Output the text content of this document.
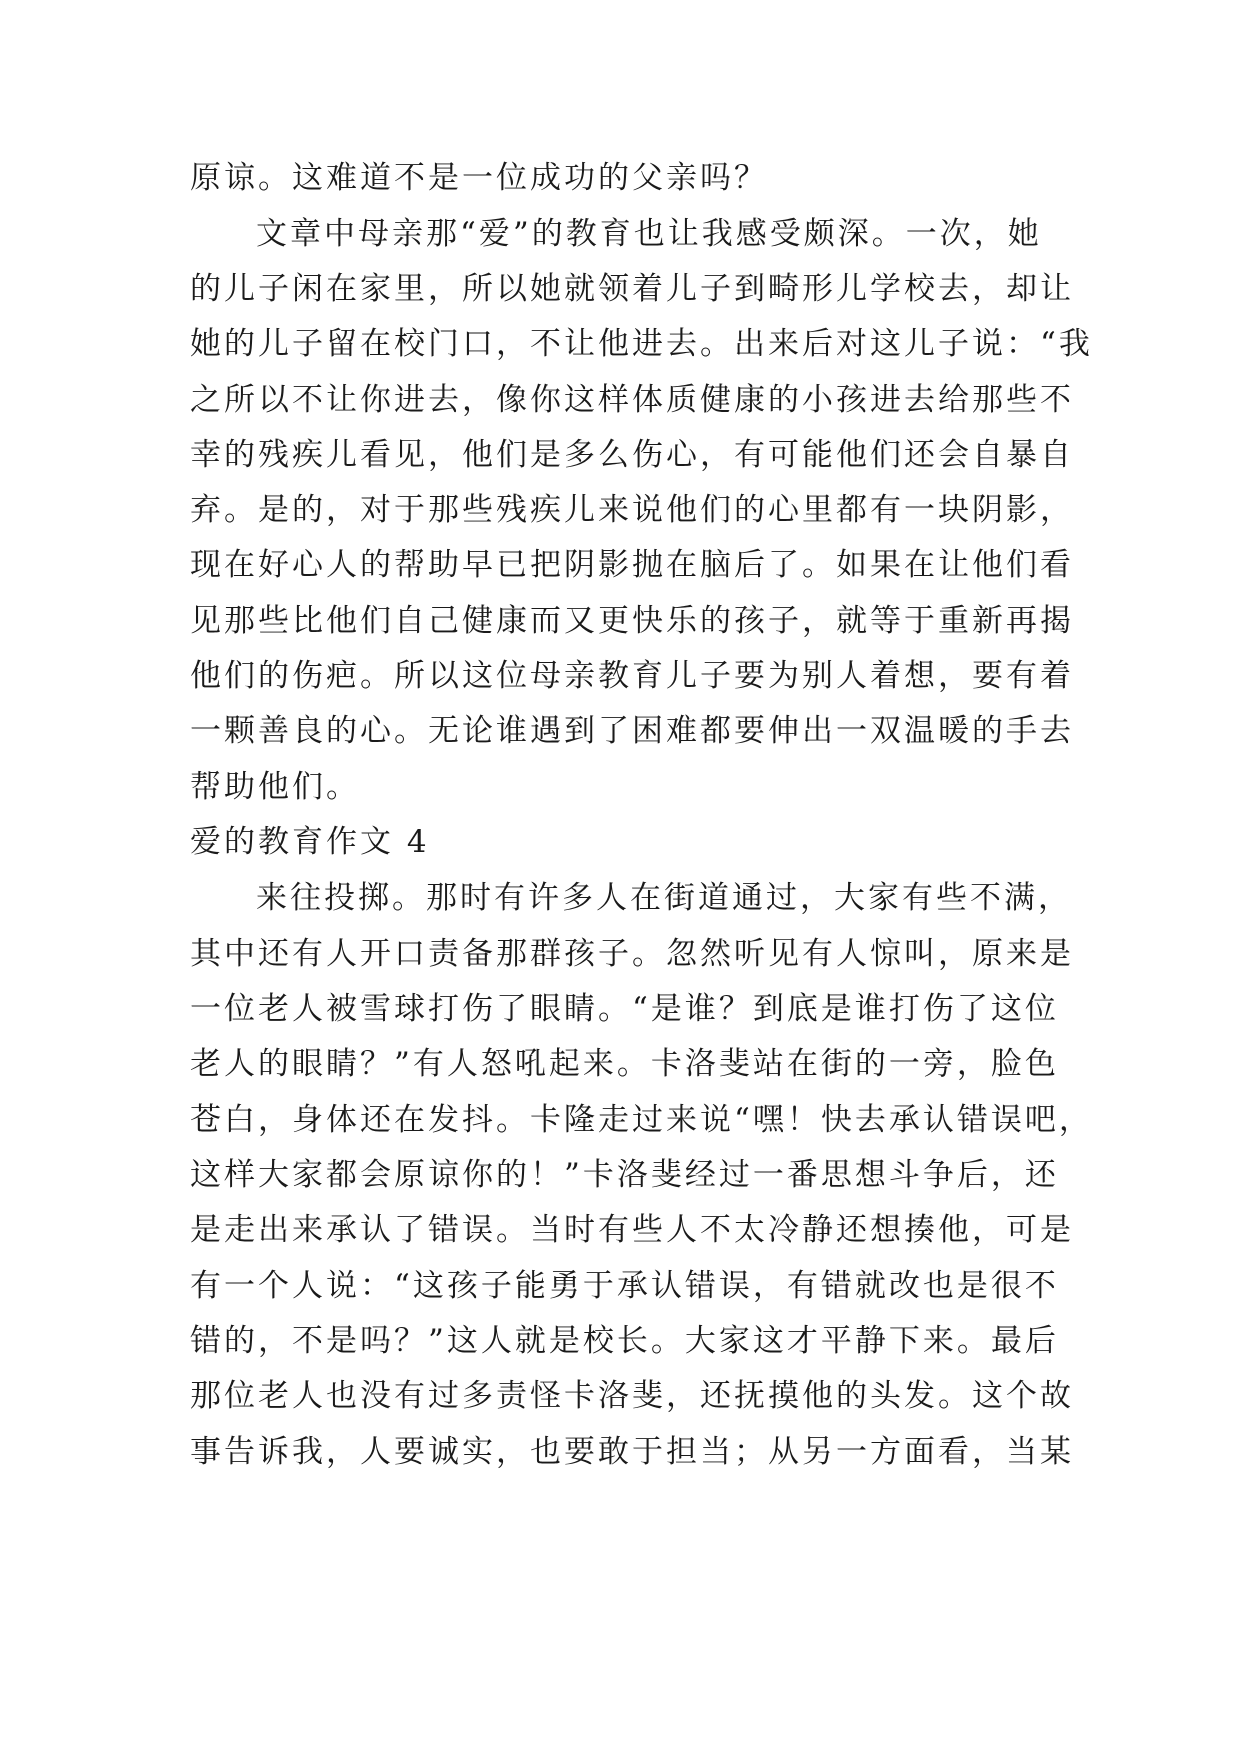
原谅。这难道不是一位成功的父亲吗？
文章中母亲那“爱”的教育也让我感受颇深。一次，她
的儿子闲在家里，所以她就领着儿子到畸形儿学校去，却让
她的儿子留在校门口，不让他进去。出来后对这儿子说：“我
之所以不让你进去，像你这样体质健康的小孩进去给那些不
幸的残疾儿看见，他们是多么伤心，有可能他们还会自暴自
弃。是的，对于那些残疾儿来说他们的心里都有一块阴影，
现在好心人的帮助早已把阴影抛在脑后了。如果在让他们看
见那些比他们自己健康而又更快乐的孩子，就等于重新再揭
他们的伤疤。所以这位母亲教育儿子要为别人着想，要有着
一颗善良的心。无论谁遇到了困难都要伸出一双温暖的手去
帮助他们。
爱的教育作文 4
来往投掷。那时有许多人在街道通过，大家有些不满，
其中还有人开口责备那群孩子。忽然听见有人惊叫，原来是
一位老人被雪球打伤了眼睛。“是谁？到底是谁打伤了这位
老人的眼睛？”有人怒吼起来。卡洛斐站在街的一旁，脸色
苍白，身体还在发抖。卡隆走过来说“嘿！快去承认错误吧，
这样大家都会原谅你的！”卡洛斐经过一番思想斗争后，还
是走出来承认了错误。当时有些人不太冷静还想揍他，可是
有一个人说：“这孩子能勇于承认错误，有错就改也是很不
错的，不是吗？”这人就是校长。大家这才平静下来。最后
那位老人也没有过多责怪卡洛斐，还抚摸他的头发。这个故
事告诉我，人要诚实，也要敢于担当；从另一方面看，当某
